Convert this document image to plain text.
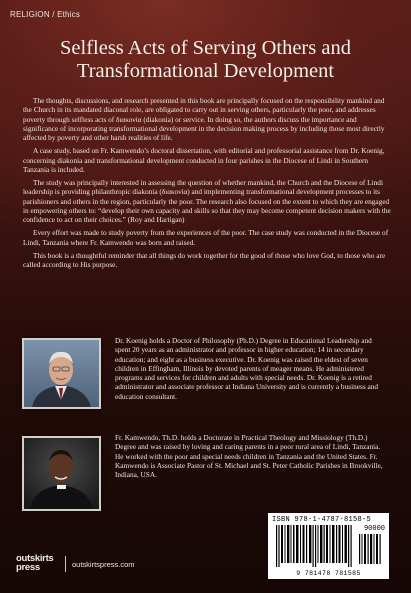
RELIGION / Ethics
Selfless Acts of Serving Others and
Transformational Development

The thoughts, discussions, and research presented in this book are principally focused on the responsibility mankind and the Church in its mandated diaconal role, are obligated to carry out in serving others, particularly the poor, and addresses poverty through selfless acts of διακονία (diakonia) or service. In doing so, the authors discuss the importance and significance of incorporating transformational development in the decision making process by including those most directly affected by poverty and other harsh realities of life.

A case study, based on Fr. Kamwendo’s doctoral dissertation, with editorial and professorial assistance from Dr. Koenig, concerning diakonia and transformational development conducted in four parishes in the Diocese of Lindi in Southern Tanzania is included.

The study was principally interested in assessing the question of whether mankind, the Church and the Diocese of Lindi leadership is providing philanthropic diakonia (διακονία) and implementing transformational development processes to its parishioners and others in the region, particularly the poor. The research also focused on the extent to which they are engaged in empowering others to: “develop their own capacity and skills so that they may become competent decision makers with the confidence to act on their choices.” (Roy and Hartigan)

Every effort was made to study poverty from the experiences of the poor. The case study was conducted in the Diocese of Lindi, Tanzania where Fr. Kamwendo was born and raised.

This book is a thoughtful reminder that all things do work together for the good of those who love God, to those who are called according to His purpose.

Dr. Koenig holds a Doctor of Philosophy (Ph.D.) Degree in Educational Leadership and spent 20 years as an administrator and professor in higher education; 14 in secondary education; and eight as a business executive. Dr. Koenig was raised the eldest of seven children in Effingham, Illinois by devoted parents of meager means. He administered programs and services for children and adults with special needs. Dr. Koenig is a retired administrator and associate professor at Indiana University and is currently a business and education consultant.
Fr. Kamwendo, Th.D. holds a Doctorate in Practical Theology and Missiology (Th.D.) Degree and was raised by loving and caring parents in a poor rural area of Lindi, Tanzania. He worked with the poor and special needs children in Tanzania and the United States. Fr. Kamwendo is Associate Pastor of St. Michael and St. Peter Catholic Parishes in Brookville, Indiana, USA.
ISBN 978-1-4787-8158-5
90000
9 781478 781585
outskirts
press	outskirtspress.com
